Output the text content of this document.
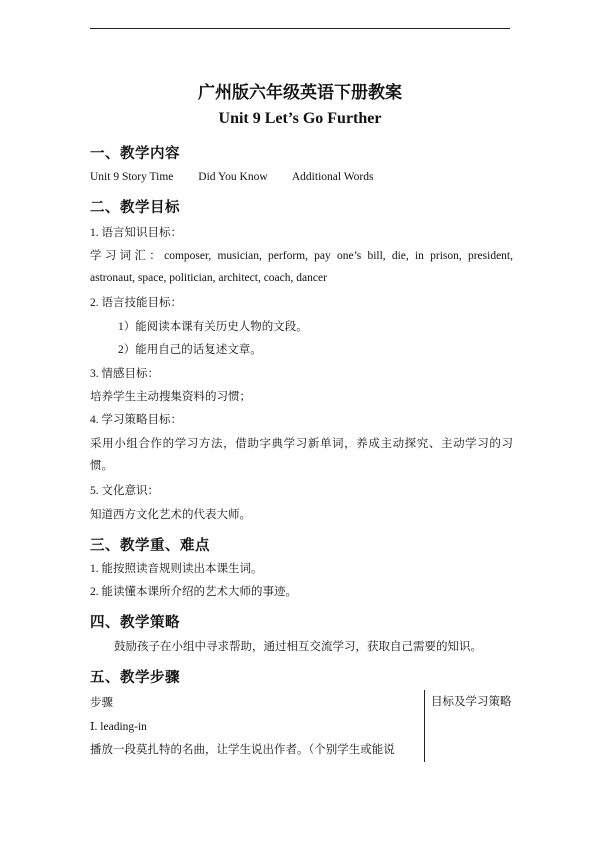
广州版六年级英语下册教案
Unit 9 Let’s Go Further
一、教学内容
Unit 9 Story Time Did You Know Additional Words
二、教学目标
1. 语言知识目标：
学习词汇：composer, musician, perform, pay one’s bill, die, in prison, president, astronaut, space, politician, architect, coach, dancer
2. 语言技能目标：
1）能阅读本课有关历史人物的文段。
2）能用自己的话复述文章。
3. 情感目标：
培养学生主动搜集资料的习惯；
4. 学习策略目标：
采用小组合作的学习方法，借助字典学习新单词，养成主动探究、主动学习的习惯。
5. 文化意识：
知道西方文化艺术的代表大师。
三、教学重、难点
1. 能按照读音规则读出本课生词。
2. 能读懂本课所介绍的艺术大师的事迹。
四、教学策略
鼓励孩子在小组中寻求帮助，通过相互交流学习，获取自己需要的知识。
五、教学步骤
步骤
Ⅰ. leading-in
播放一段莫扎特的名曲，让学生说出作者。（个别学生或能说
目标及学习策略
